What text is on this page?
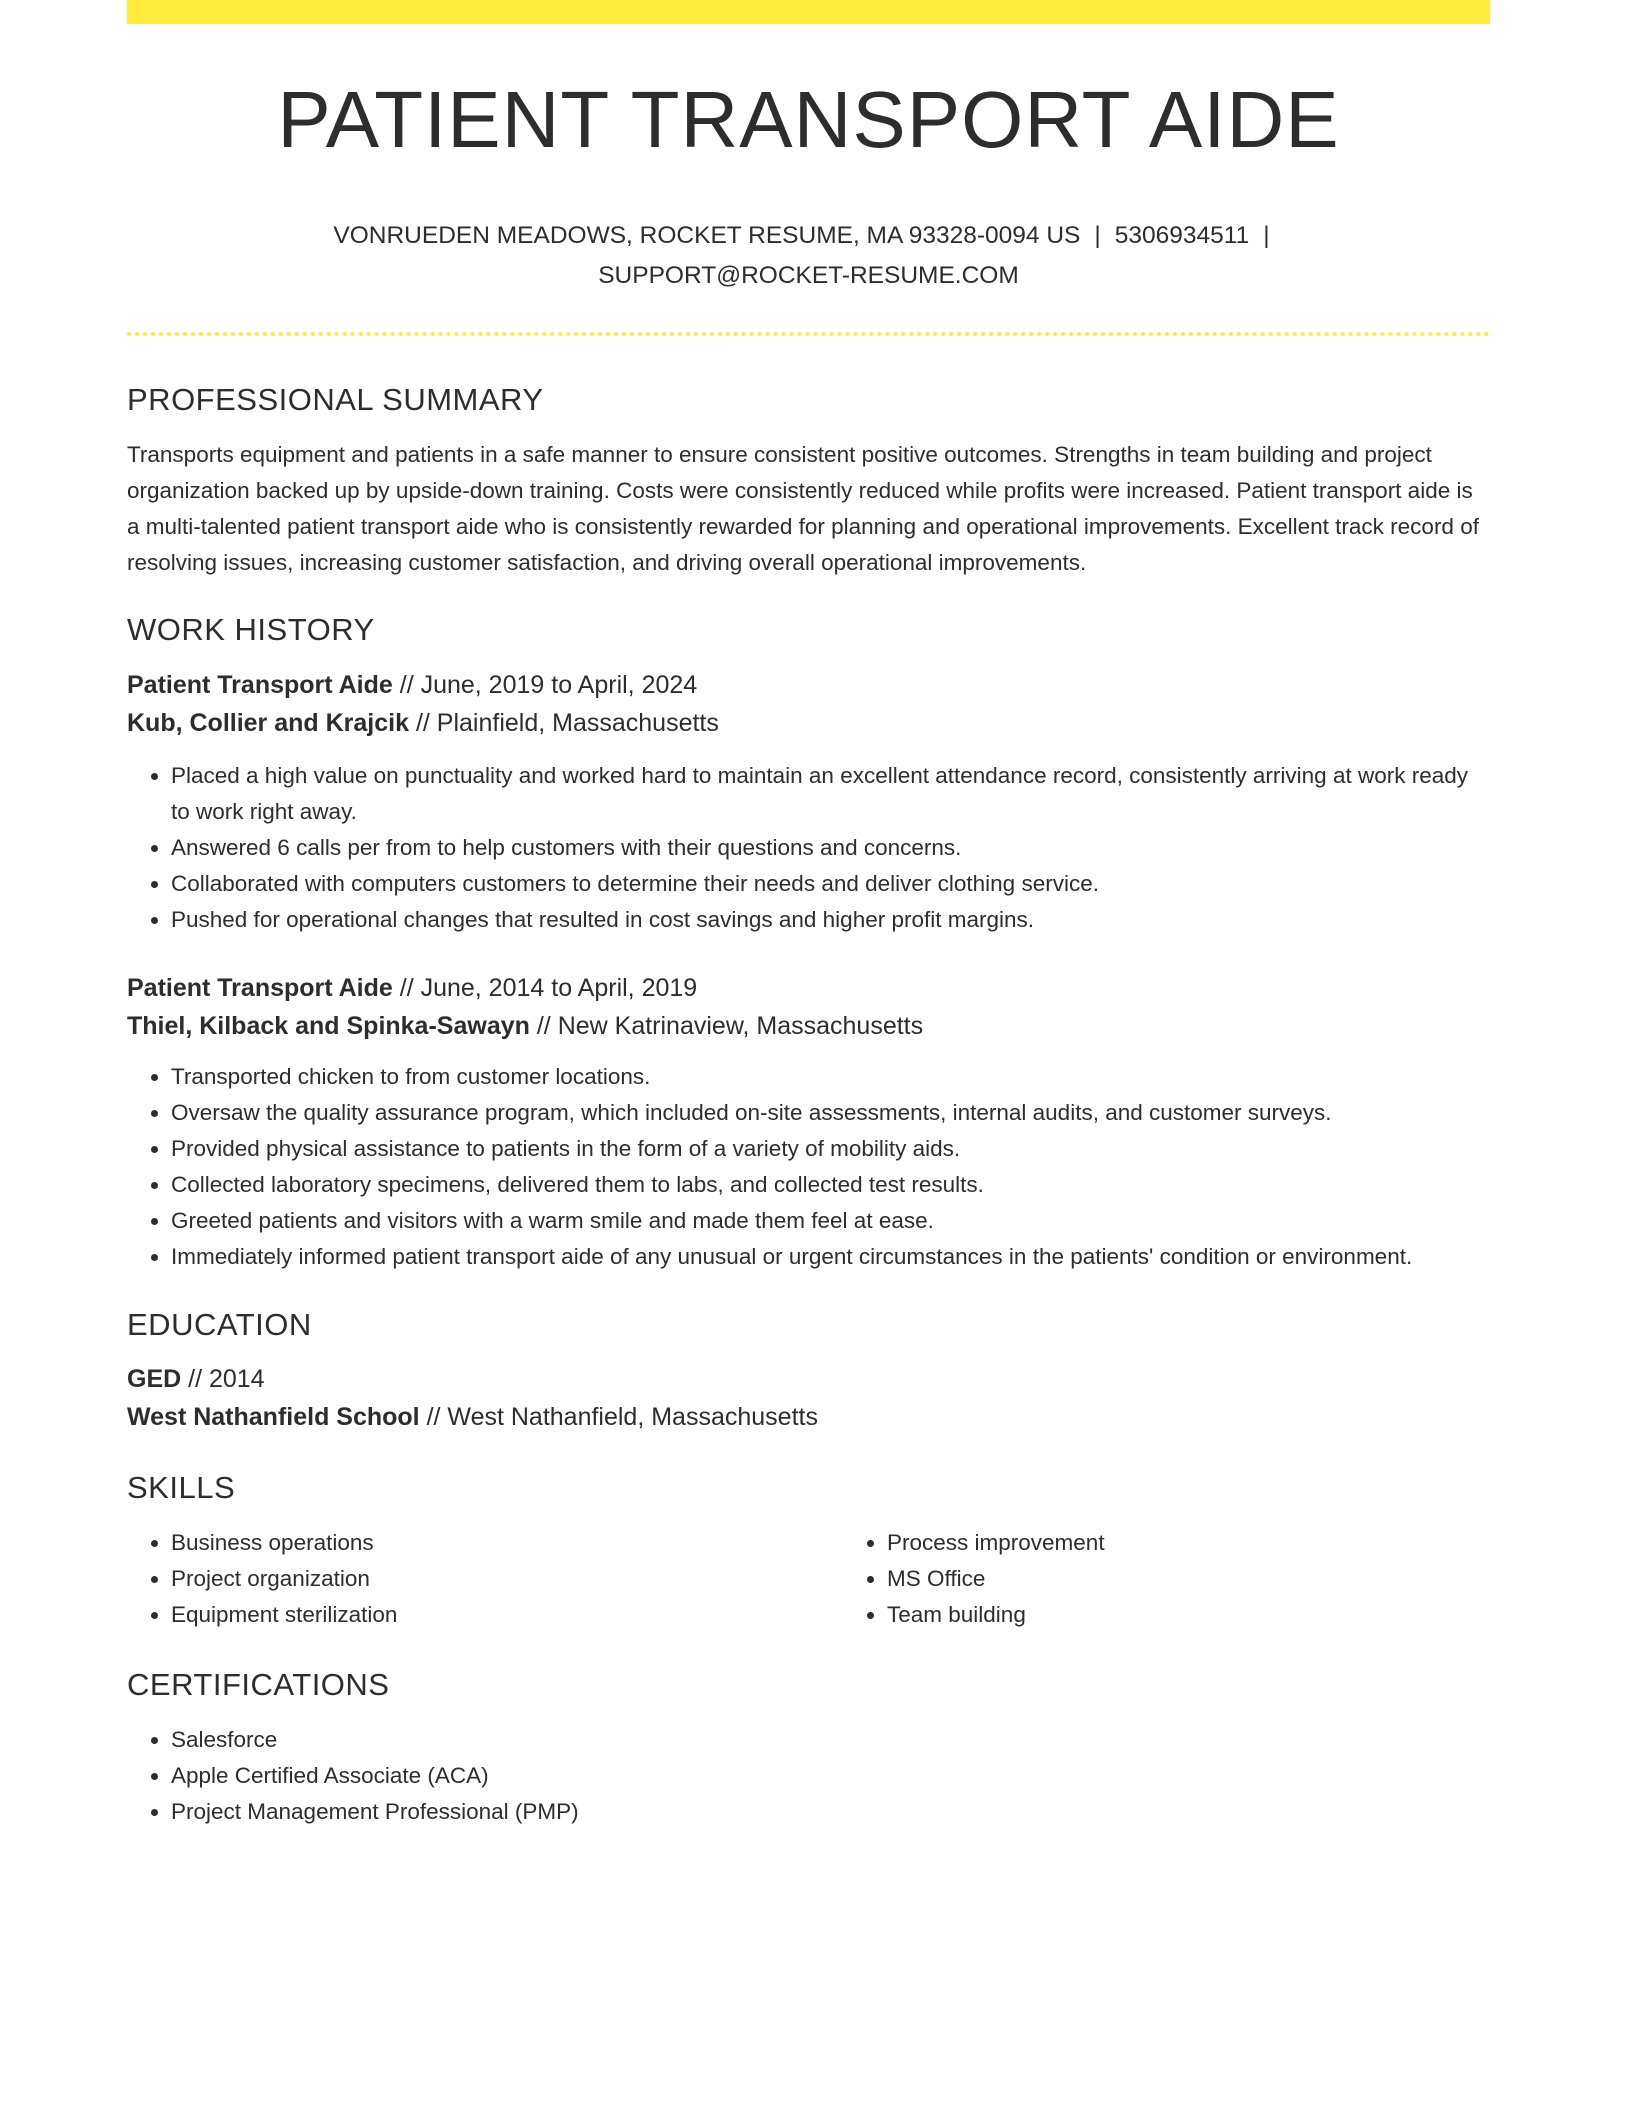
PATIENT TRANSPORT AIDE
VONRUEDEN MEADOWS, ROCKET RESUME, MA 93328-0094 US | 5306934511 |
SUPPORT@ROCKET-RESUME.COM
PROFESSIONAL SUMMARY

Transports equipment and patients in a safe manner to ensure consistent positive outcomes. Strengths in team building and project organization backed up by upside-down training. Costs were consistently reduced while profits were increased. Patient transport aide is a multi-talented patient transport aide who is consistently rewarded for planning and operational improvements. Excellent track record of resolving issues, increasing customer satisfaction, and driving overall operational improvements.

WORK HISTORY

Patient Transport Aide // June, 2019 to April, 2024

Kub, Collier and Krajcik // Plainfield, Massachusetts

• Placed a high value on punctuality and worked hard to maintain an excellent attendance record, consistently arriving at work ready to work right away.
• Answered 6 calls per from to help customers with their questions and concerns.
• Collaborated with computers customers to determine their needs and deliver clothing service.
• Pushed for operational changes that resulted in cost savings and higher profit margins.

Patient Transport Aide // June, 2014 to April, 2019

Thiel, Kilback and Spinka-Sawayn // New Katrinaview, Massachusetts

• Transported chicken to from customer locations.
• Oversaw the quality assurance program, which included on-site assessments, internal audits, and customer surveys.
• Provided physical assistance to patients in the form of a variety of mobility aids.
• Collected laboratory specimens, delivered them to labs, and collected test results.
• Greeted patients and visitors with a warm smile and made them feel at ease.
• Immediately informed patient transport aide of any unusual or urgent circumstances in the patients' condition or environment.
EDUCATION

GED // 2014

West Nathanfield School // West Nathanfield, Massachusetts

SKILLS
• Business operations
• Project organization
• Equipment sterilization
• Process improvement
• MS Office
• Team building
CERTIFICATIONS
• Salesforce
• Apple Certified Associate (ACA)
• Project Management Professional (PMP)
